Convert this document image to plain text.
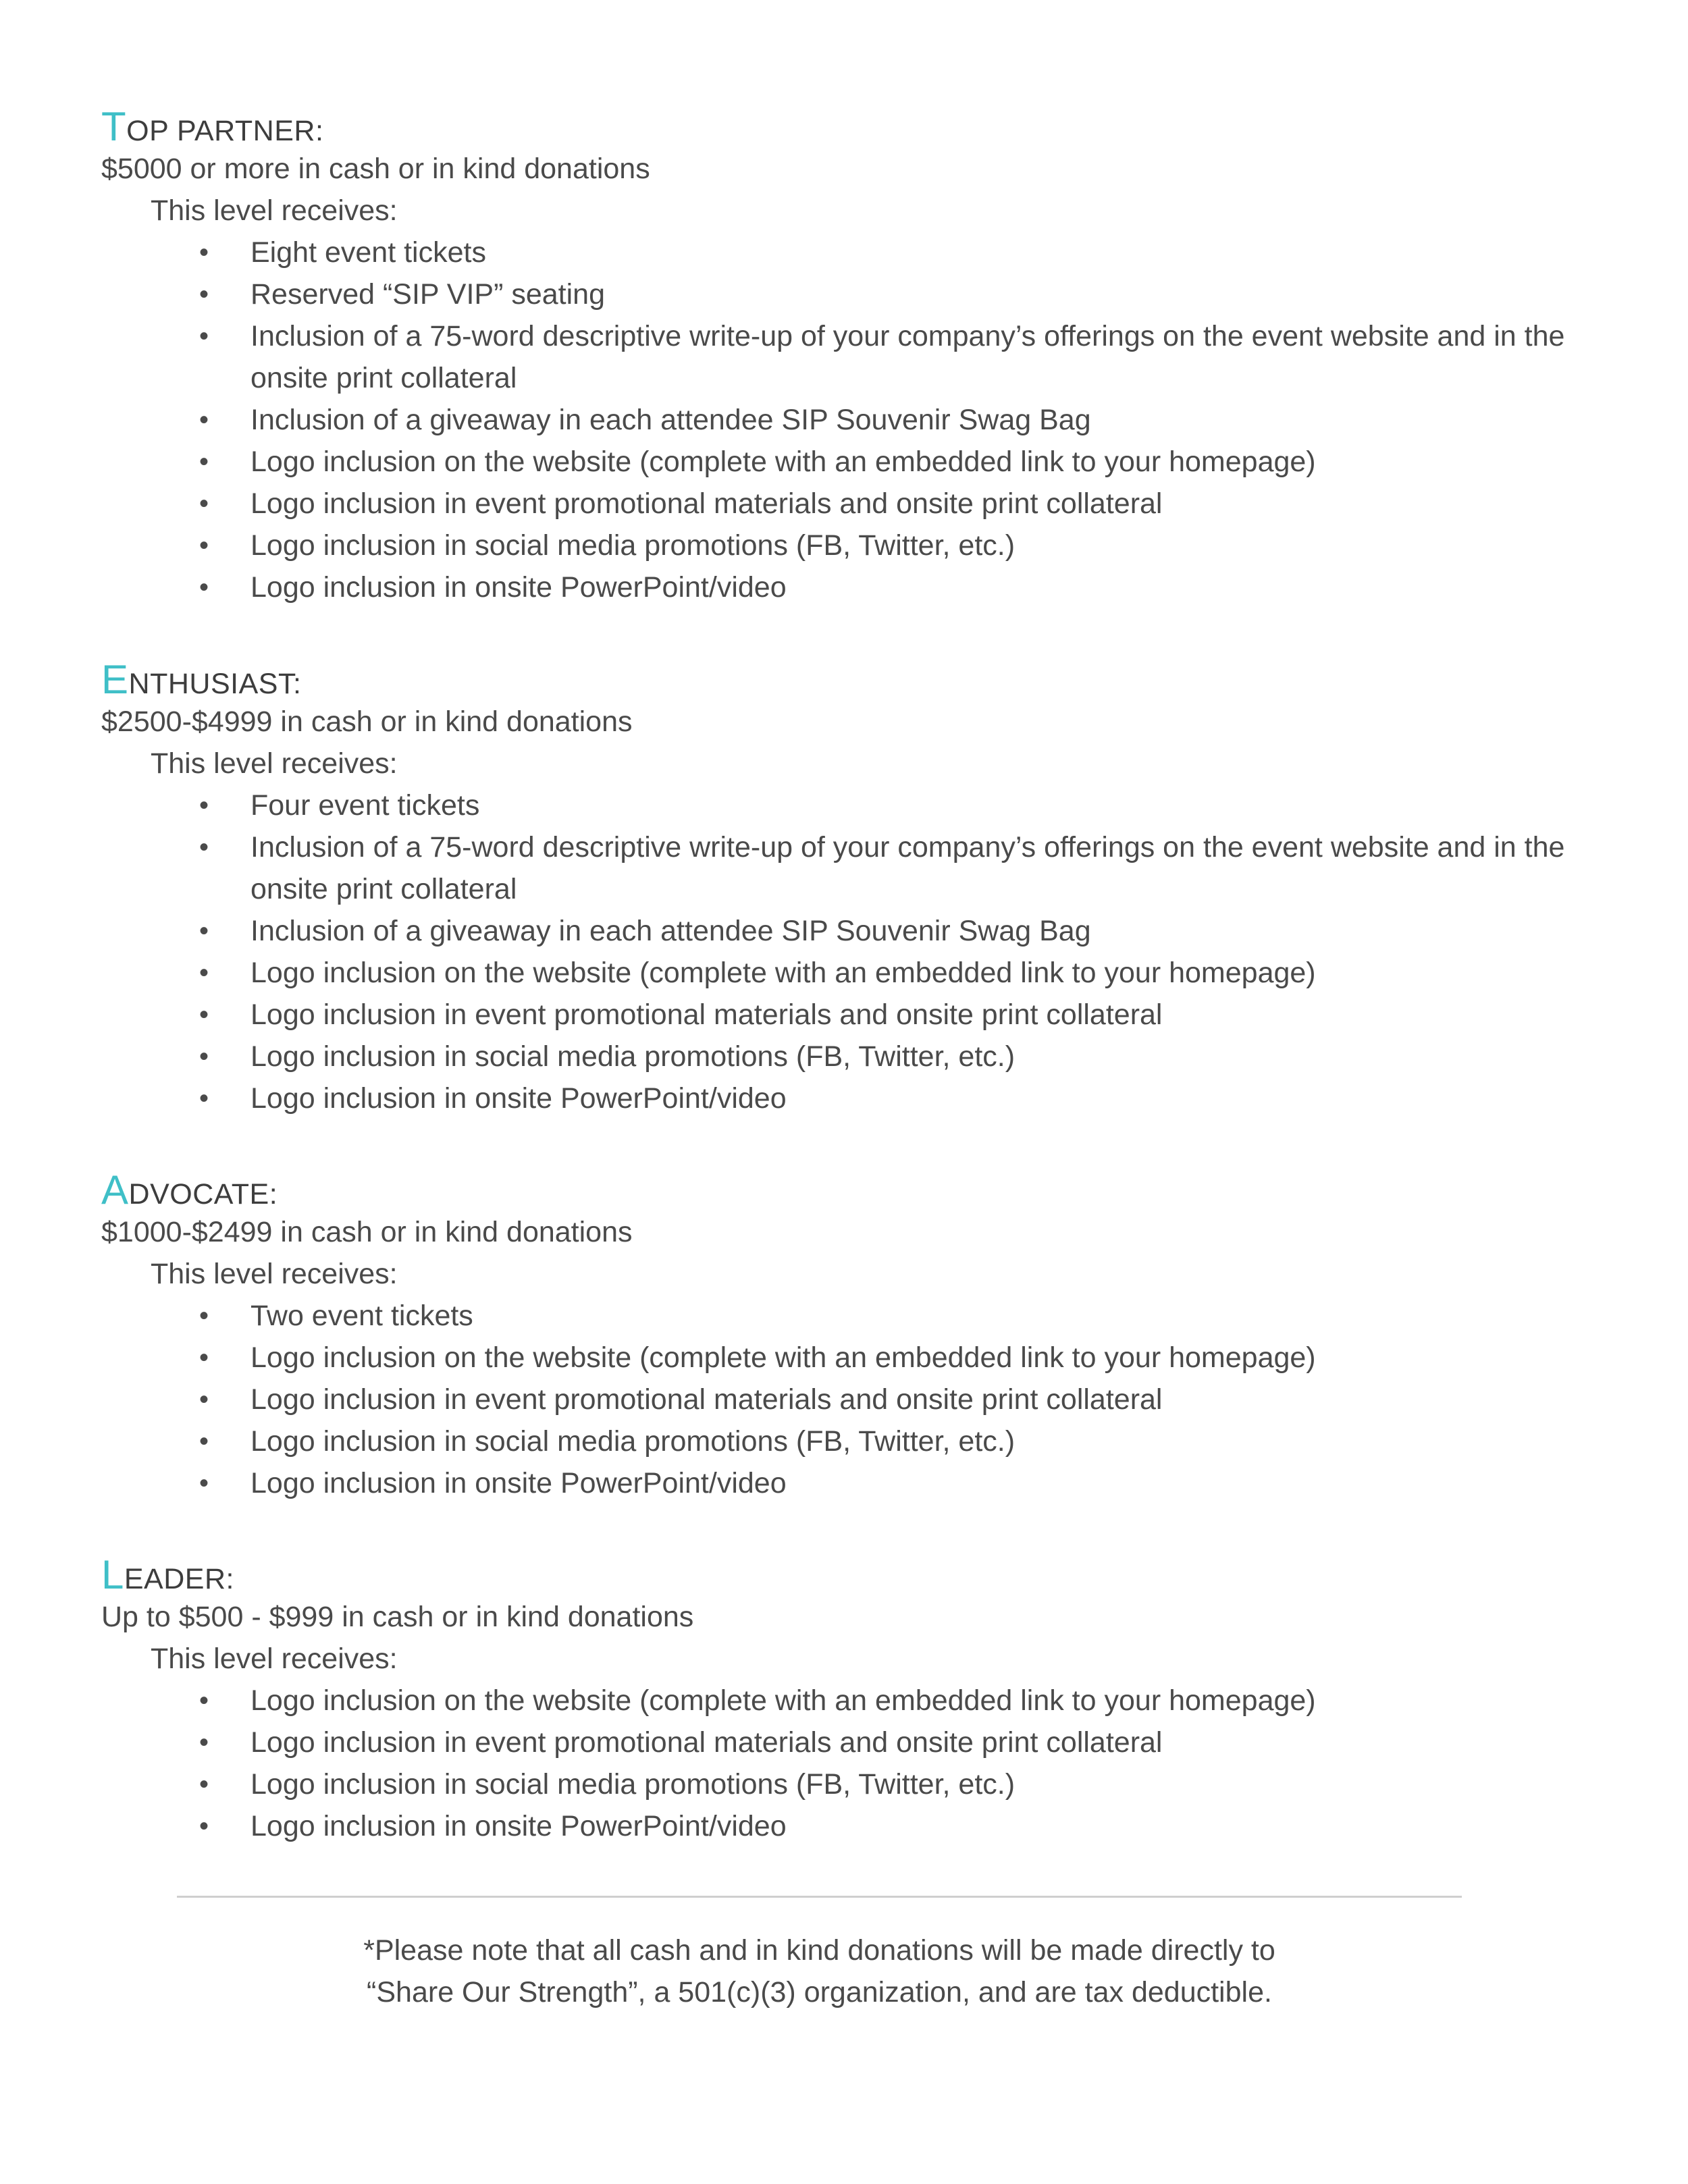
TOP PARTNER:
$5000 or more in cash or in kind donations
This level receives:
• Eight event tickets
• Reserved “SIP VIP” seating
• Inclusion of a 75-word descriptive write-up of your company’s offerings on the event website and in the onsite print collateral
• Inclusion of a giveaway in each attendee SIP Souvenir Swag Bag
• Logo inclusion on the website (complete with an embedded link to your homepage)
• Logo inclusion in event promotional materials and onsite print collateral
• Logo inclusion in social media promotions (FB, Twitter, etc.)
• Logo inclusion in onsite PowerPoint/video
ENTHUSIAST:
$2500-$4999 in cash or in kind donations
This level receives:
• Four event tickets
• Inclusion of a 75-word descriptive write-up of your company’s offerings on the event website and in the onsite print collateral
• Inclusion of a giveaway in each attendee SIP Souvenir Swag Bag
• Logo inclusion on the website (complete with an embedded link to your homepage)
• Logo inclusion in event promotional materials and onsite print collateral
• Logo inclusion in social media promotions (FB, Twitter, etc.)
• Logo inclusion in onsite PowerPoint/video
ADVOCATE:
$1000-$2499 in cash or in kind donations
This level receives:
• Two event tickets
• Logo inclusion on the website (complete with an embedded link to your homepage)
• Logo inclusion in event promotional materials and onsite print collateral
• Logo inclusion in social media promotions (FB, Twitter, etc.)
• Logo inclusion in onsite PowerPoint/video
LEADER:
Up to $500 - $999 in cash or in kind donations
This level receives:
• Logo inclusion on the website (complete with an embedded link to your homepage)
• Logo inclusion in event promotional materials and onsite print collateral
• Logo inclusion in social media promotions (FB, Twitter, etc.)
• Logo inclusion in onsite PowerPoint/video
*Please note that all cash and in kind donations will be made directly to
“Share Our Strength”, a 501(c)(3) organization, and are tax deductible.
